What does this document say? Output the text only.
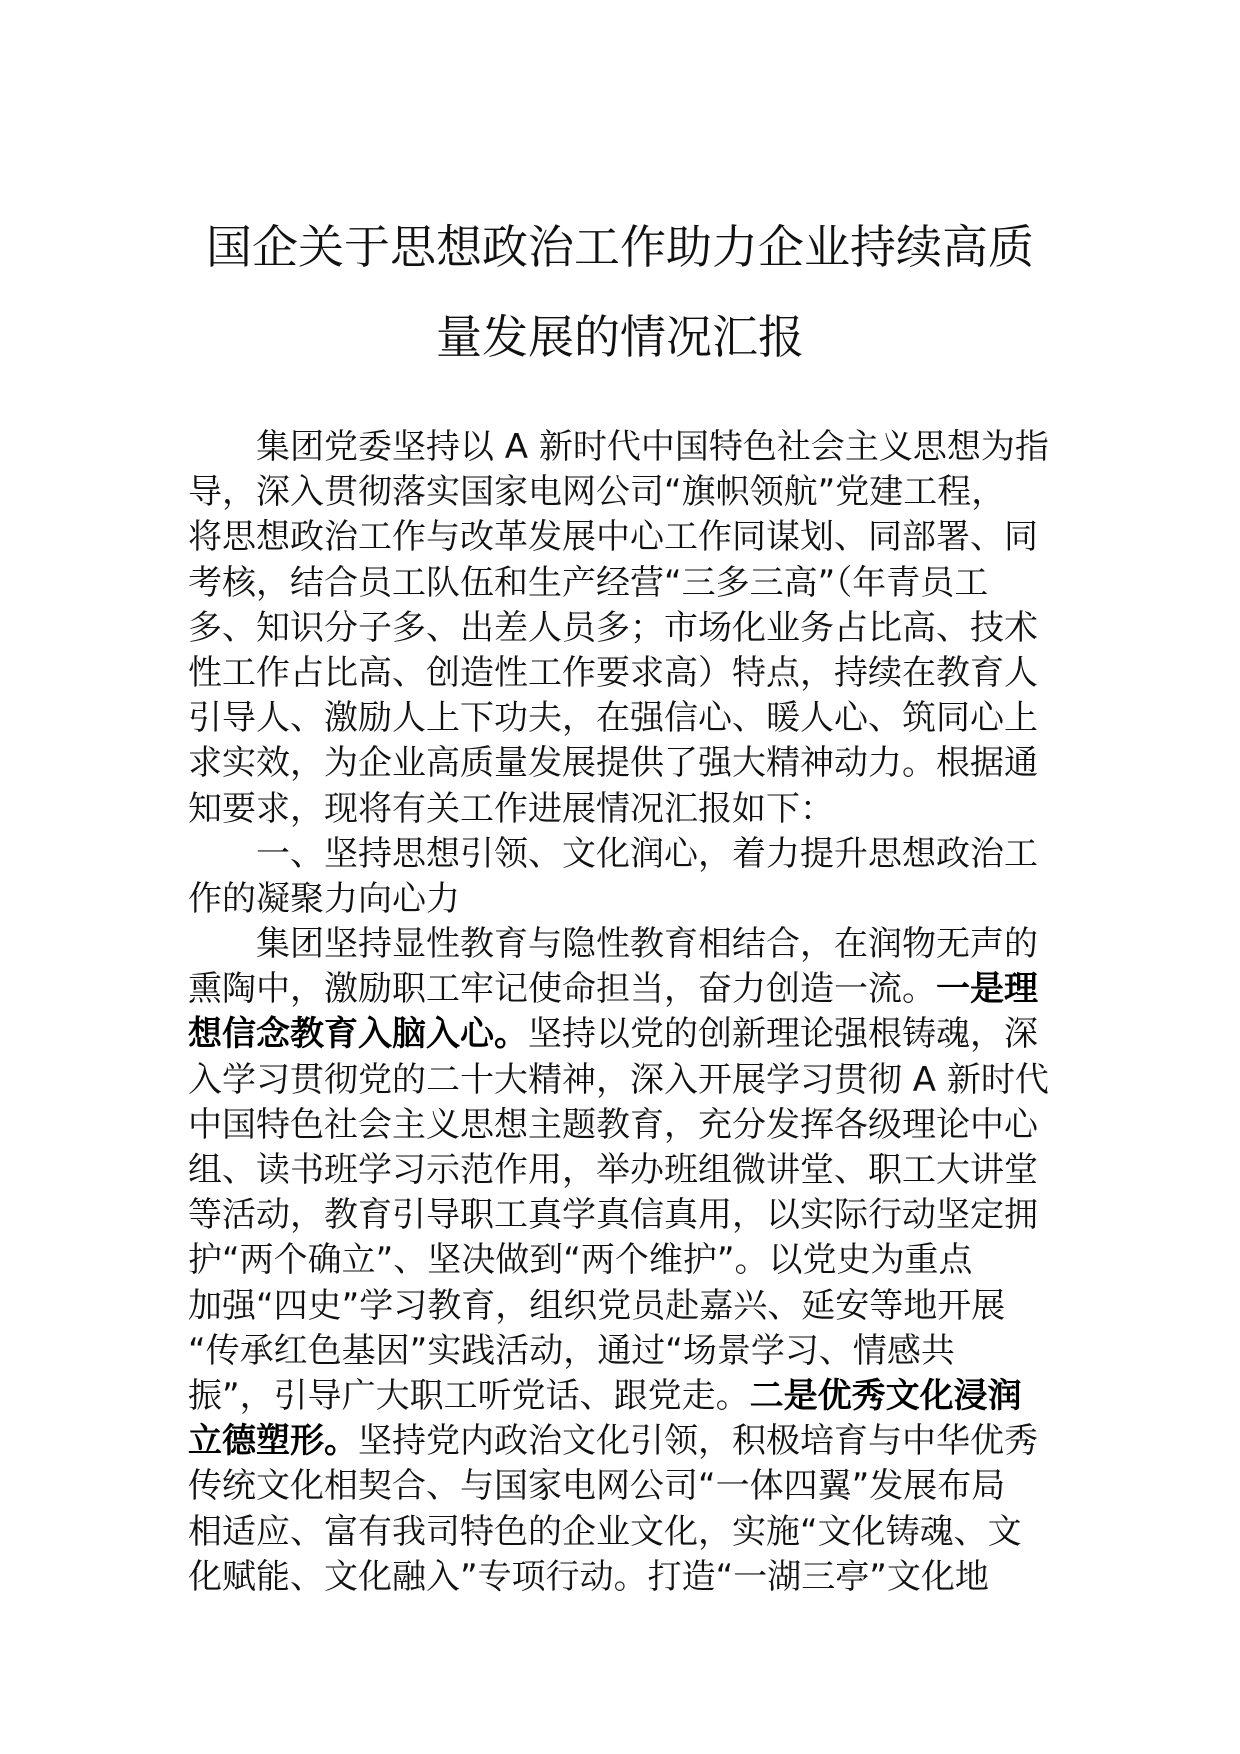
国企关于思想政治工作助力企业持续高质
量发展的情况汇报
集团党委坚持以 A 新时代中国特色社会主义思想为指
导，深入贯彻落实国家电网公司“旗帜领航”党建工程，
将思想政治工作与改革发展中心工作同谋划、同部署、同
考核，结合员工队伍和生产经营“三多三高”（年青员工
多、知识分子多、出差人员多；市场化业务占比高、技术
性工作占比高、创造性工作要求高）特点，持续在教育人
引导人、激励人上下功夫，在强信心、暖人心、筑同心上
求实效，为企业高质量发展提供了强大精神动力。根据通
知要求，现将有关工作进展情况汇报如下：
一、坚持思想引领、文化润心，着力提升思想政治工
作的凝聚力向心力
集团坚持显性教育与隐性教育相结合，在润物无声的
熏陶中，激励职工牢记使命担当，奋力创造一流。一是理
想信念教育入脑入心。坚持以党的创新理论强根铸魂，深
入学习贯彻党的二十大精神，深入开展学习贯彻 A 新时代
中国特色社会主义思想主题教育，充分发挥各级理论中心
组、读书班学习示范作用，举办班组微讲堂、职工大讲堂
等活动，教育引导职工真学真信真用，以实际行动坚定拥
护“两个确立”、坚决做到“两个维护”。以党史为重点
加强“四史”学习教育，组织党员赴嘉兴、延安等地开展
“传承红色基因”实践活动，通过“场景学习、情感共
振”，引导广大职工听党话、跟党走。二是优秀文化浸润
立德塑形。坚持党内政治文化引领，积极培育与中华优秀
传统文化相契合、与国家电网公司“一体四翼”发展布局
相适应、富有我司特色的企业文化，实施“文化铸魂、文
化赋能、文化融入”专项行动。打造“一湖三亭”文化地
